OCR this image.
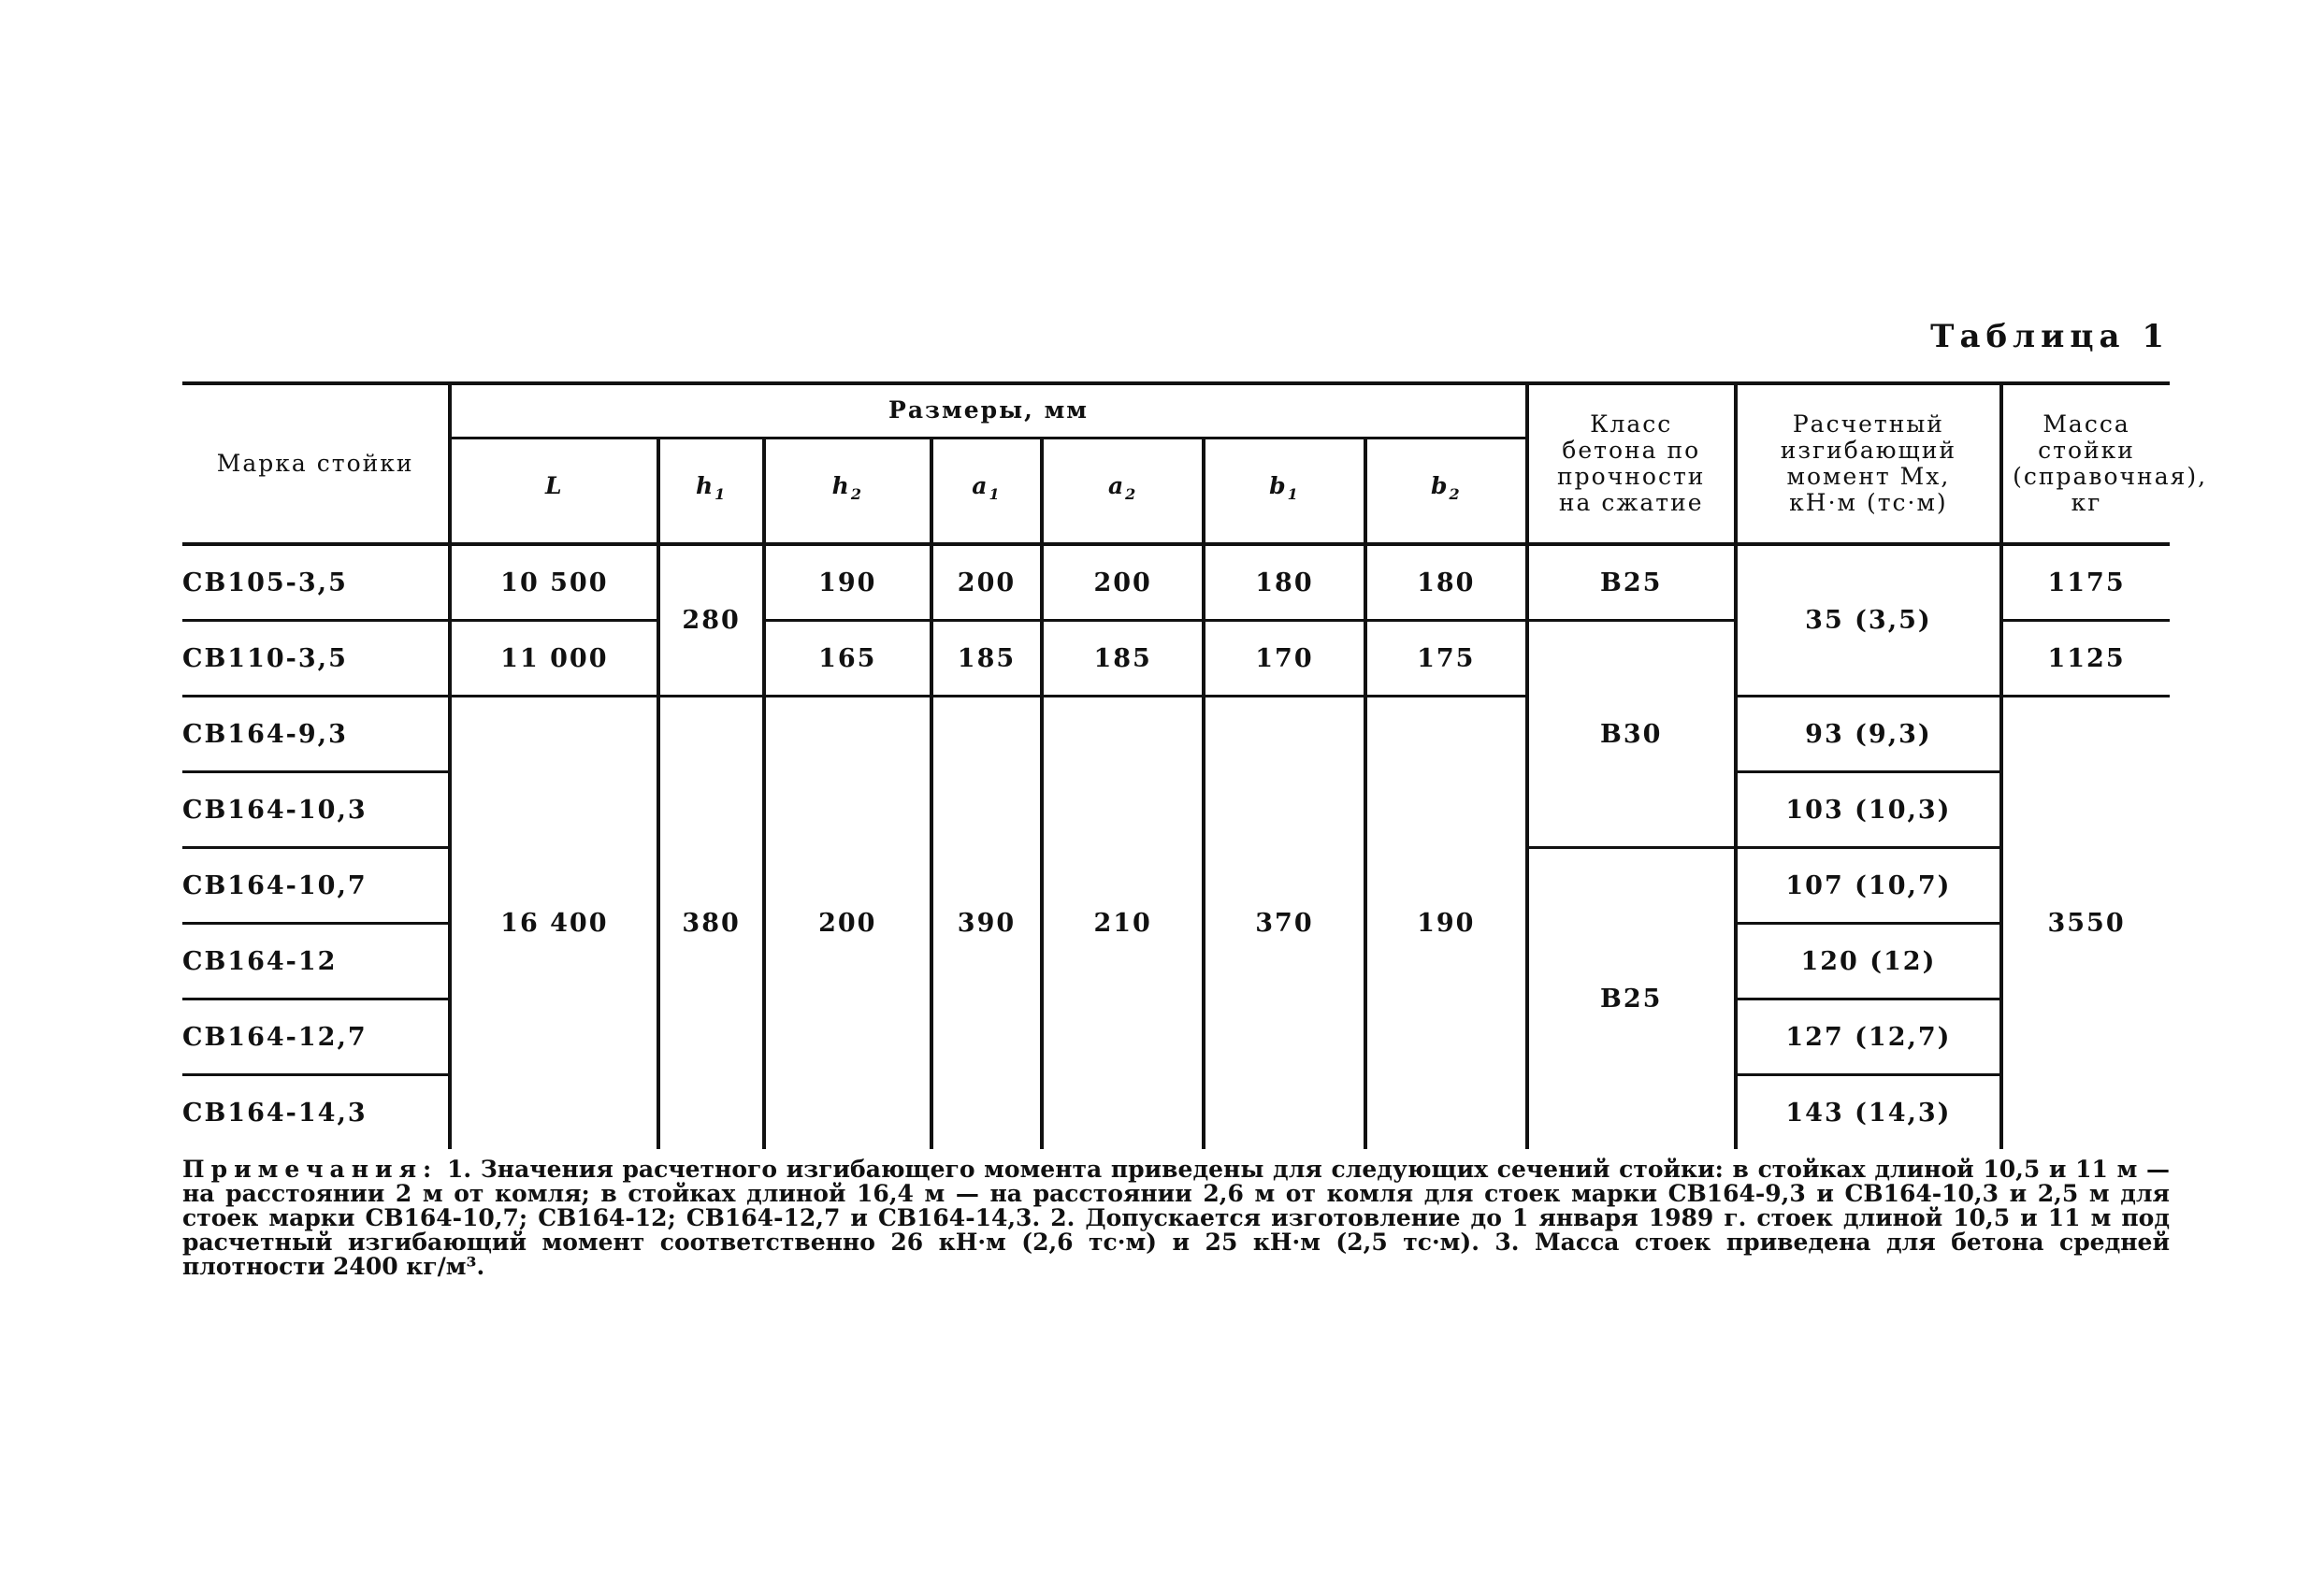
Таблица 1
Марка стойки	Размеры, мм							Класс бетона по прочности на сжатие	Расчетный изгибающий момент Mx, кН·м (тс·м)	Масса стойки (справочная), кг
	L	$h_1$	$h_2$	$a_1$	$a_2$	$b_1$	$b_2$
СВ105-3,5	10 500	280	190	200	200	180	180	B25	35 (3,5)	1175
СВ110-3,5	11 000		165	185	185	170	175	B30		1125
СВ164-9,3	16 400	380	200	390	210	370	190		93 (9,3)	3550
СВ164-10,3									103 (10,3)	
СВ164-10,7								B25	107 (10,7)	
СВ164-12									120 (12)	
СВ164-12,7									127 (12,7)	
СВ164-14,3									143 (14,3)	
Примечания: 1. Значения расчетного изгибающего момента приведены для следующих сечений стойки: в стойках длиной 10,5 и 11 м — на расстоянии 2 м от комля; в стойках длиной 16,4 м — на расстоянии 2,6 м от комля для стоек марки СВ164-9,3 и СВ164-10,3 и 2,5 м для стоек марки СВ164-10,7; СВ164-12; СВ164-12,7 и СВ164-14,3. 2. Допускается изготовление до 1 января 1989 г. стоек длиной 10,5 и 11 м под расчетный изгибающий момент соответственно 26 кН·м (2,6 тс·м) и 25 кН·м (2,5 тс·м). 3. Масса стоек приведена для бетона средней плотности 2400 кг/м³.
